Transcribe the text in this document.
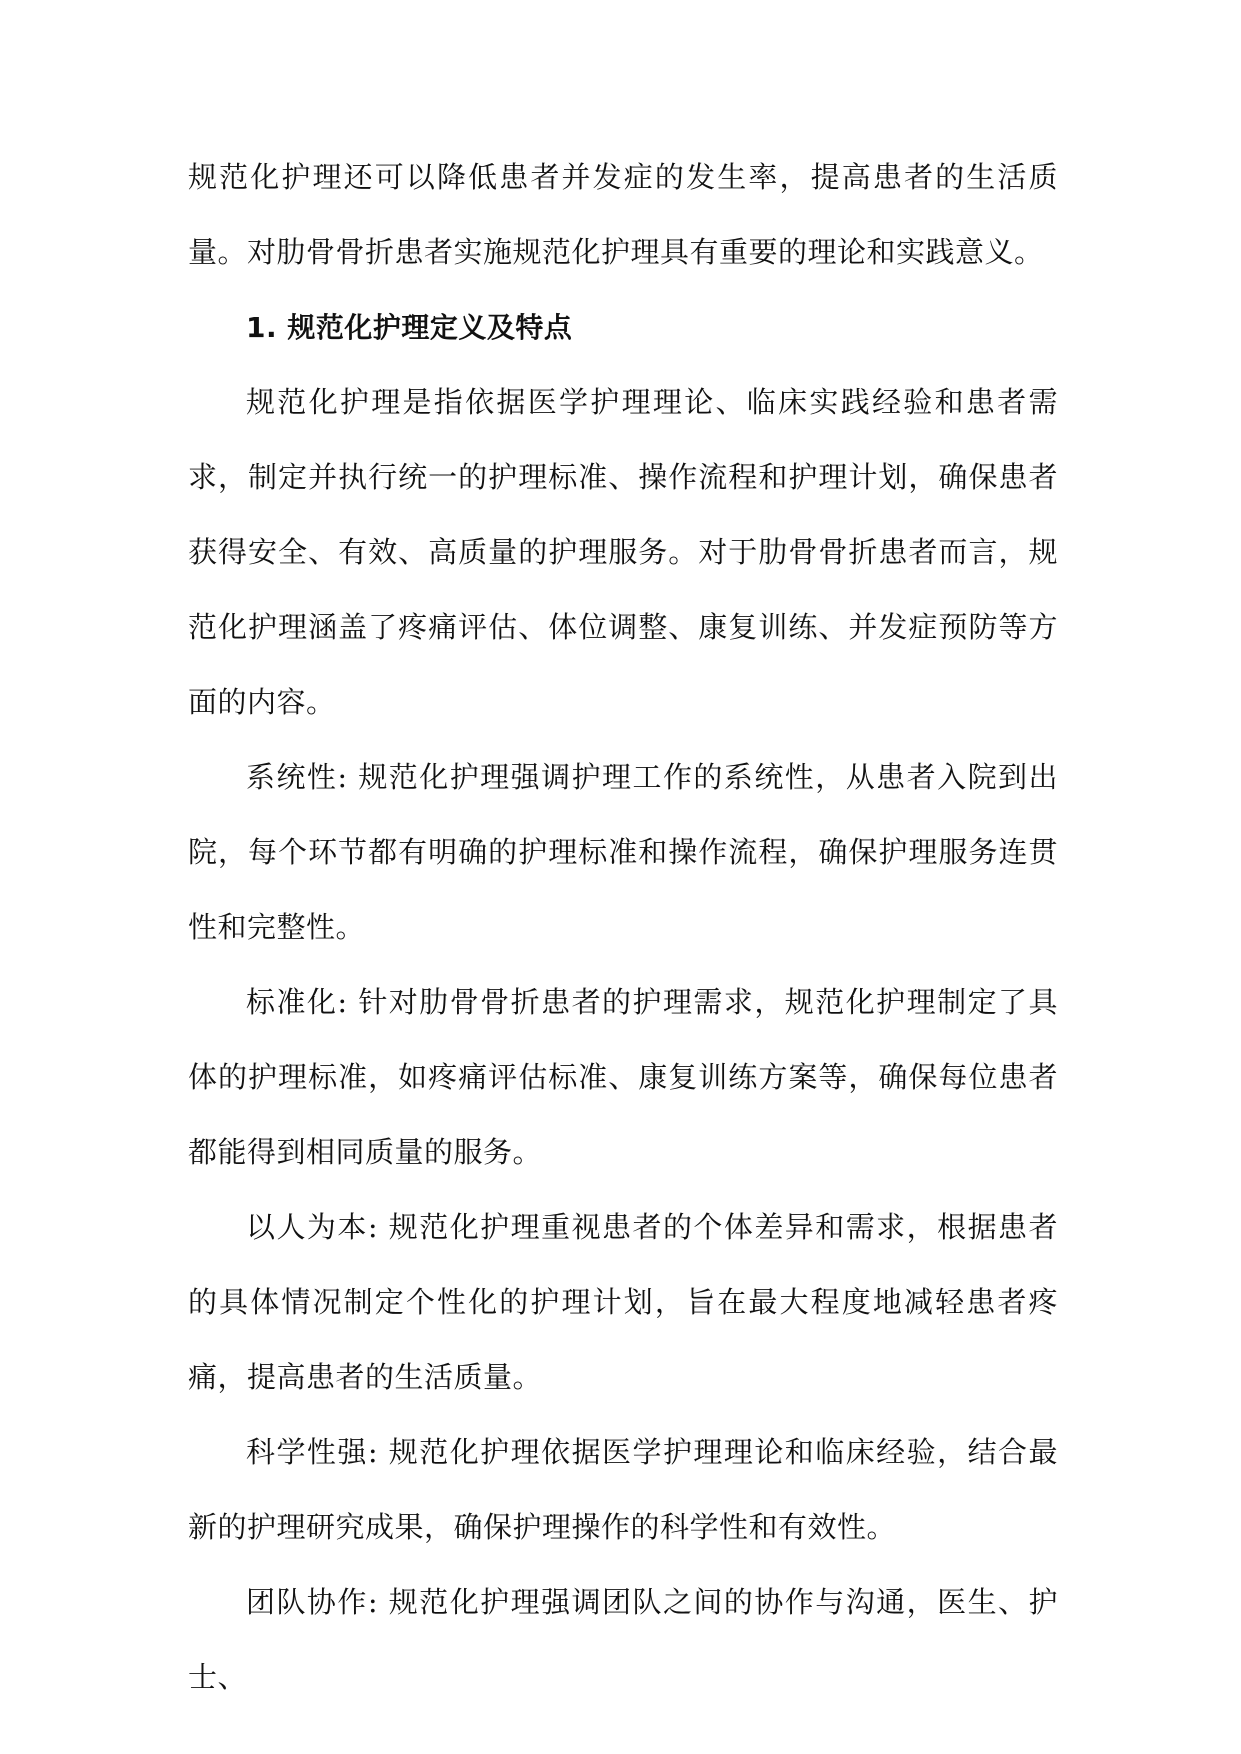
规范化护理还可以降低患者并发症的发生率，提高患者的生活质量。对肋骨骨折患者实施规范化护理具有重要的理论和实践意义。

1. 规范化护理定义及特点

规范化护理是指依据医学护理理论、临床实践经验和患者需求，制定并执行统一的护理标准、操作流程和护理计划，确保患者获得安全、有效、高质量的护理服务。对于肋骨骨折患者而言，规范化护理涵盖了疼痛评估、体位调整、康复训练、并发症预防等方面的内容。

系统性: 规范化护理强调护理工作的系统性，从患者入院到出院，每个环节都有明确的护理标准和操作流程，确保护理服务连贯性和完整性。

标准化: 针对肋骨骨折患者的护理需求，规范化护理制定了具体的护理标准，如疼痛评估标准、康复训练方案等，确保每位患者都能得到相同质量的服务。

以人为本: 规范化护理重视患者的个体差异和需求，根据患者的具体情况制定个性化的护理计划，旨在最大程度地减轻患者疼痛，提高患者的生活质量。

科学性强: 规范化护理依据医学护理理论和临床经验，结合最新的护理研究成果，确保护理操作的科学性和有效性。

团队协作: 规范化护理强调团队之间的协作与沟通，医生、护士、
